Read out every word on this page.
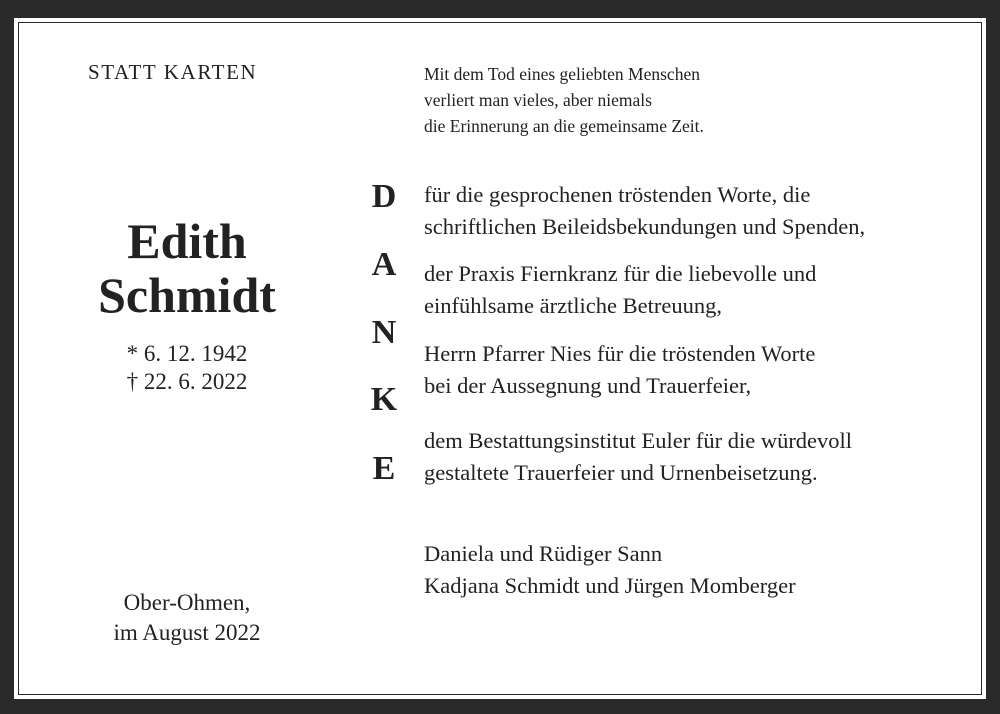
STATT KARTEN
Edith
Schmidt
* 6. 12. 1942
† 22. 6. 2022
Ober-Ohmen,
im August 2022
Mit dem Tod eines geliebten Menschen
verliert man vieles, aber niemals
die Erinnerung an die gemeinsame Zeit.
D
A
N
K
E
für die gesprochenen tröstenden Worte, die
schriftlichen Beileidsbekundungen und Spenden,
der Praxis Fiernkranz für die liebevolle und
einfühlsame ärztliche Betreuung,
Herrn Pfarrer Nies für die tröstenden Worte
bei der Aussegnung und Trauerfeier,
dem Bestattungsinstitut Euler für die würdevoll
gestaltete Trauerfeier und Urnenbeisetzung.
Daniela und Rüdiger Sann
Kadjana Schmidt und Jürgen Momberger
